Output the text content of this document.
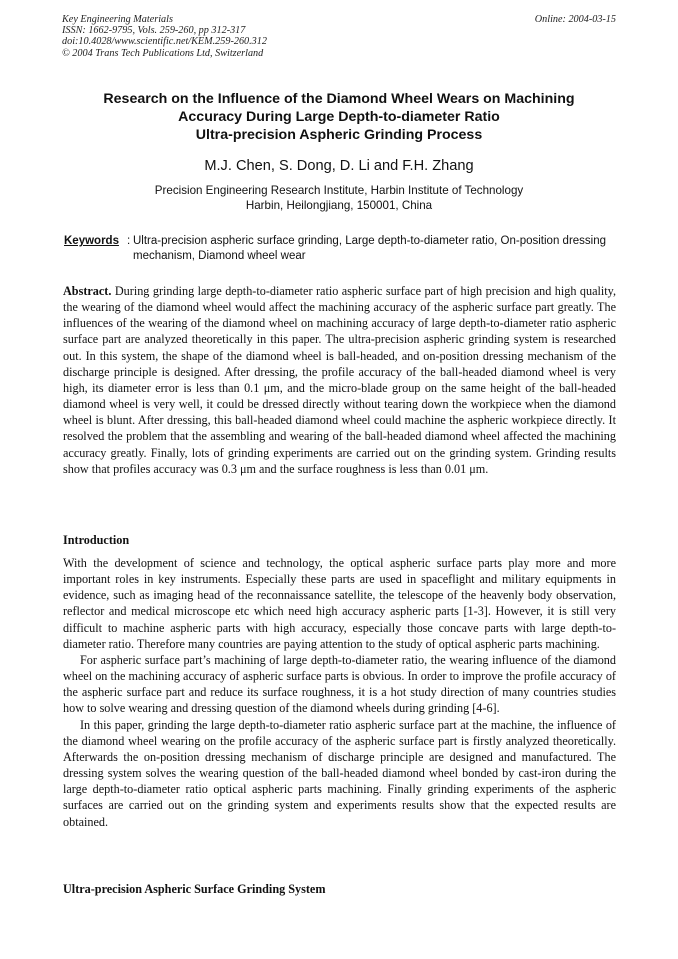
Key Engineering Materials
ISSN: 1662-9795, Vols. 259-260, pp 312-317
doi:10.4028/www.scientific.net/KEM.259-260.312
© 2004 Trans Tech Publications Ltd, Switzerland
Online: 2004-03-15
Research on the Influence of the Diamond Wheel Wears on Machining
Accuracy During Large Depth-to-diameter Ratio
Ultra-precision Aspheric Grinding Process
M.J. Chen, S. Dong, D. Li and F.H. Zhang
Precision Engineering Research Institute, Harbin Institute of Technology
Harbin, Heilongjiang, 150001, China
Keywords : Ultra-precision aspheric surface grinding, Large depth-to-diameter ratio, On-position dressing mechanism, Diamond wheel wear
Abstract. During grinding large depth-to-diameter ratio aspheric surface part of high precision and high quality, the wearing of the diamond wheel would affect the machining accuracy of the aspheric surface part greatly. The influences of the wearing of the diamond wheel on machining accuracy of large depth-to-diameter ratio aspheric surface part are analyzed theoretically in this paper. The ultra-precision aspheric grinding system is researched out. In this system, the shape of the diamond wheel is ball-headed, and on-position dressing mechanism of the discharge principle is designed. After dressing, the profile accuracy of the ball-headed diamond wheel is very high, its diameter error is less than 0.1 μm, and the micro-blade group on the same height of the ball-headed diamond wheel is very well, it could be dressed directly without tearing down the workpiece when the diamond wheel is blunt. After dressing, this ball-headed diamond wheel could machine the aspheric workpiece directly. It resolved the problem that the assembling and wearing of the ball-headed diamond wheel affected the machining accuracy greatly. Finally, lots of grinding experiments are carried out on the grinding system. Grinding results show that profiles accuracy was 0.3 μm and the surface roughness is less than 0.01 μm.
Introduction

With the development of science and technology, the optical aspheric surface parts play more and more important roles in key instruments. Especially these parts are used in spaceflight and military equipments in evidence, such as imaging head of the reconnaissance satellite, the telescope of the heavenly body observation, reflector and medical microscope etc which need high accuracy aspheric parts [1-3]. However, it is still very difficult to machine aspheric parts with high accuracy, especially those concave parts with large depth-to-diameter ratio. Therefore many countries are paying attention to the study of optical aspheric parts machining.

For aspheric surface part’s machining of large depth-to-diameter ratio, the wearing influence of the diamond wheel on the machining accuracy of aspheric surface parts is obvious. In order to improve the profile accuracy of the aspheric surface part and reduce its surface roughness, it is a hot study direction of many countries studies how to solve wearing and dressing question of the diamond wheels during grinding [4-6].

In this paper, grinding the large depth-to-diameter ratio aspheric surface part at the machine, the influence of the diamond wheel wearing on the profile accuracy of the aspheric surface part is firstly analyzed theoretically. Afterwards the on-position dressing mechanism of discharge principle are designed and manufactured. The dressing system solves the wearing question of the ball-headed diamond wheel bonded by cast-iron during the large depth-to-diameter ratio optical aspheric parts machining. Finally grinding experiments of the aspheric surfaces are carried out on the grinding system and experiments results show that the expected results are obtained.

Ultra-precision Aspheric Surface Grinding System
